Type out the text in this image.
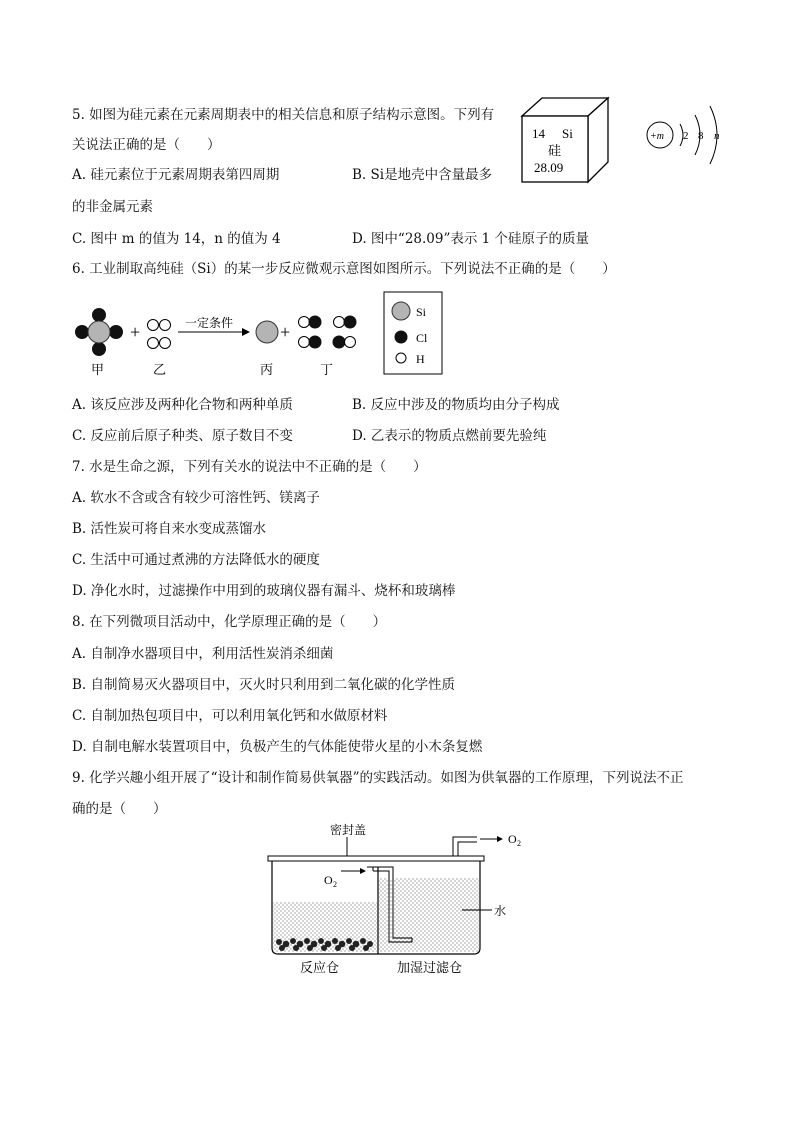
5. 如图为硅元素在元素周期表中的相关信息和原子结构示意图。下列有
关说法正确的是（　　）
A. 硅元素位于元素周期表第四周期	B. Si是地壳中含量最多
的非金属元素
C. 图中 m 的值为 14，n 的值为 4	D. 图中“28.09”表示 1 个硅原子的质量
14 Si
硅
28.09
+m 2 8 n
6. 工业制取高纯硅（Si）的某一步反应微观示意图如图所示。下列说法不正确的是（　　）
+	一定条件	+
甲	乙	丙	丁
Si
Cl
H
A. 该反应涉及两种化合物和两种单质	B. 反应中涉及的物质均由分子构成
C. 反应前后原子种类、原子数目不变	D. 乙表示的物质点燃前要先验纯
7. 水是生命之源，下列有关水的说法中不正确的是（　　）
A. 软水不含或含有较少可溶性钙、镁离子
B. 活性炭可将自来水变成蒸馏水
C. 生活中可通过煮沸的方法降低水的硬度
D. 净化水时，过滤操作中用到的玻璃仪器有漏斗、烧杯和玻璃棒
8. 在下列微项目活动中，化学原理正确的是（　　）
A. 自制净水器项目中，利用活性炭消杀细菌
B. 自制简易灭火器项目中，灭火时只利用到二氧化碳的化学性质
C. 自制加热包项目中，可以利用氧化钙和水做原材料
D. 自制电解水装置项目中，负极产生的气体能使带火星的小木条复燃
9. 化学兴趣小组开展了“设计和制作简易供氧器”的实践活动。如图为供氧器的工作原理，下列说法不正
确的是（　　）
密封盖
水
O 2
O 2
反应仓	加湿过滤仓
